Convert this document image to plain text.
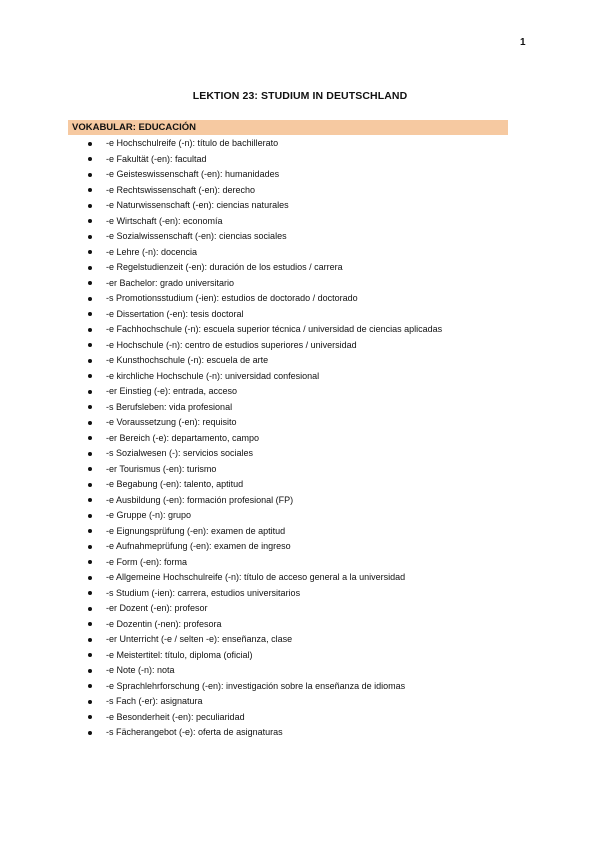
1
LEKTION 23: STUDIUM IN DEUTSCHLAND
VOKABULAR: EDUCACIÓN
-e Hochschulreife (-n): título de bachillerato
-e Fakultät (-en): facultad
-e Geisteswissenschaft (-en): humanidades
-e Rechtswissenschaft (-en): derecho
-e Naturwissenschaft (-en): ciencias naturales
-e Wirtschaft (-en): economía
-e Sozialwissenschaft (-en): ciencias sociales
-e Lehre (-n): docencia
-e Regelstudienzeit (-en): duración de los estudios / carrera
-er Bachelor: grado universitario
-s Promotionsstudium (-ien): estudios de doctorado / doctorado
-e Dissertation (-en): tesis doctoral
-e Fachhochschule (-n): escuela superior técnica / universidad de ciencias aplicadas
-e Hochschule (-n): centro de estudios superiores / universidad
-e Kunsthochschule (-n): escuela de arte
-e kirchliche Hochschule (-n): universidad confesional
-er Einstieg (-e): entrada, acceso
-s Berufsleben: vida profesional
-e Voraussetzung (-en): requisito
-er Bereich (-e): departamento, campo
-s Sozialwesen (-): servicios sociales
-er Tourismus (-en): turismo
-e Begabung (-en): talento, aptitud
-e Ausbildung (-en): formación profesional (FP)
-e Gruppe (-n): grupo
-e Eignungsprüfung (-en): examen de aptitud
-e Aufnahmeprüfung (-en): examen de ingreso
-e Form (-en): forma
-e Allgemeine Hochschulreife (-n): título de acceso general a la universidad
-s Studium (-ien): carrera, estudios universitarios
-er Dozent (-en): profesor
-e Dozentin (-nen): profesora
-er Unterricht (-e / selten -e): enseñanza, clase
-e Meistertitel: título, diploma (oficial)
-e Note (-n): nota
-e Sprachlehrforschung (-en): investigación sobre la enseñanza de idiomas
-s Fach (-er): asignatura
-e Besonderheit (-en): peculiaridad
-s Fächerangebot (-e): oferta de asignaturas
